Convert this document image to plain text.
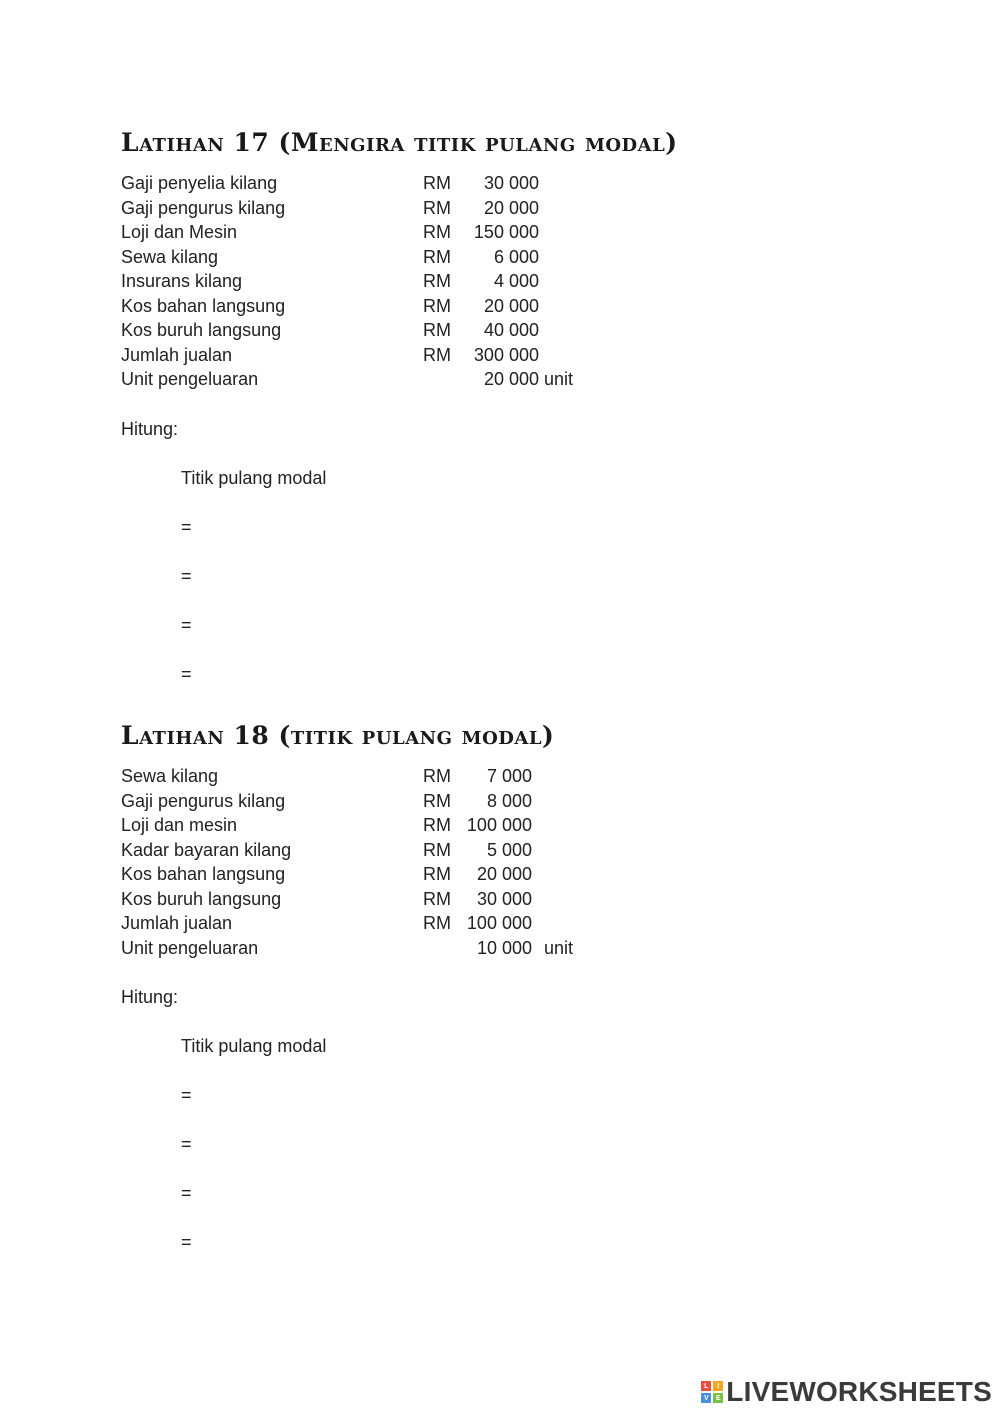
Latihan 17 (Mengira titik pulang modal)
Gaji penyelia kilang	RM 30 000
Gaji pengurus kilang	RM 20 000
Loji dan Mesin	RM 150 000
Sewa kilang	RM 6 000
Insurans kilang	RM 4 000
Kos bahan langsung	RM 20 000
Kos buruh langsung	RM 40 000
Jumlah jualan	RM 300 000
Unit pengeluaran	20 000 unit
Hitung:
Titik pulang modal
=
=
=
=
Latihan 18 (titik pulang modal)
Sewa kilang	RM 7 000
Gaji pengurus kilang	RM 8 000
Loji dan mesin	RM 100 000
Kadar bayaran kilang	RM 5 000
Kos bahan langsung	RM 20 000
Kos buruh langsung	RM 30 000
Jumlah jualan	RM 100 000
Unit pengeluaran	10 000 unit
Hitung:
Titik pulang modal
=
=
=
=
L	I
V	E LIVEWORKSHEETS
